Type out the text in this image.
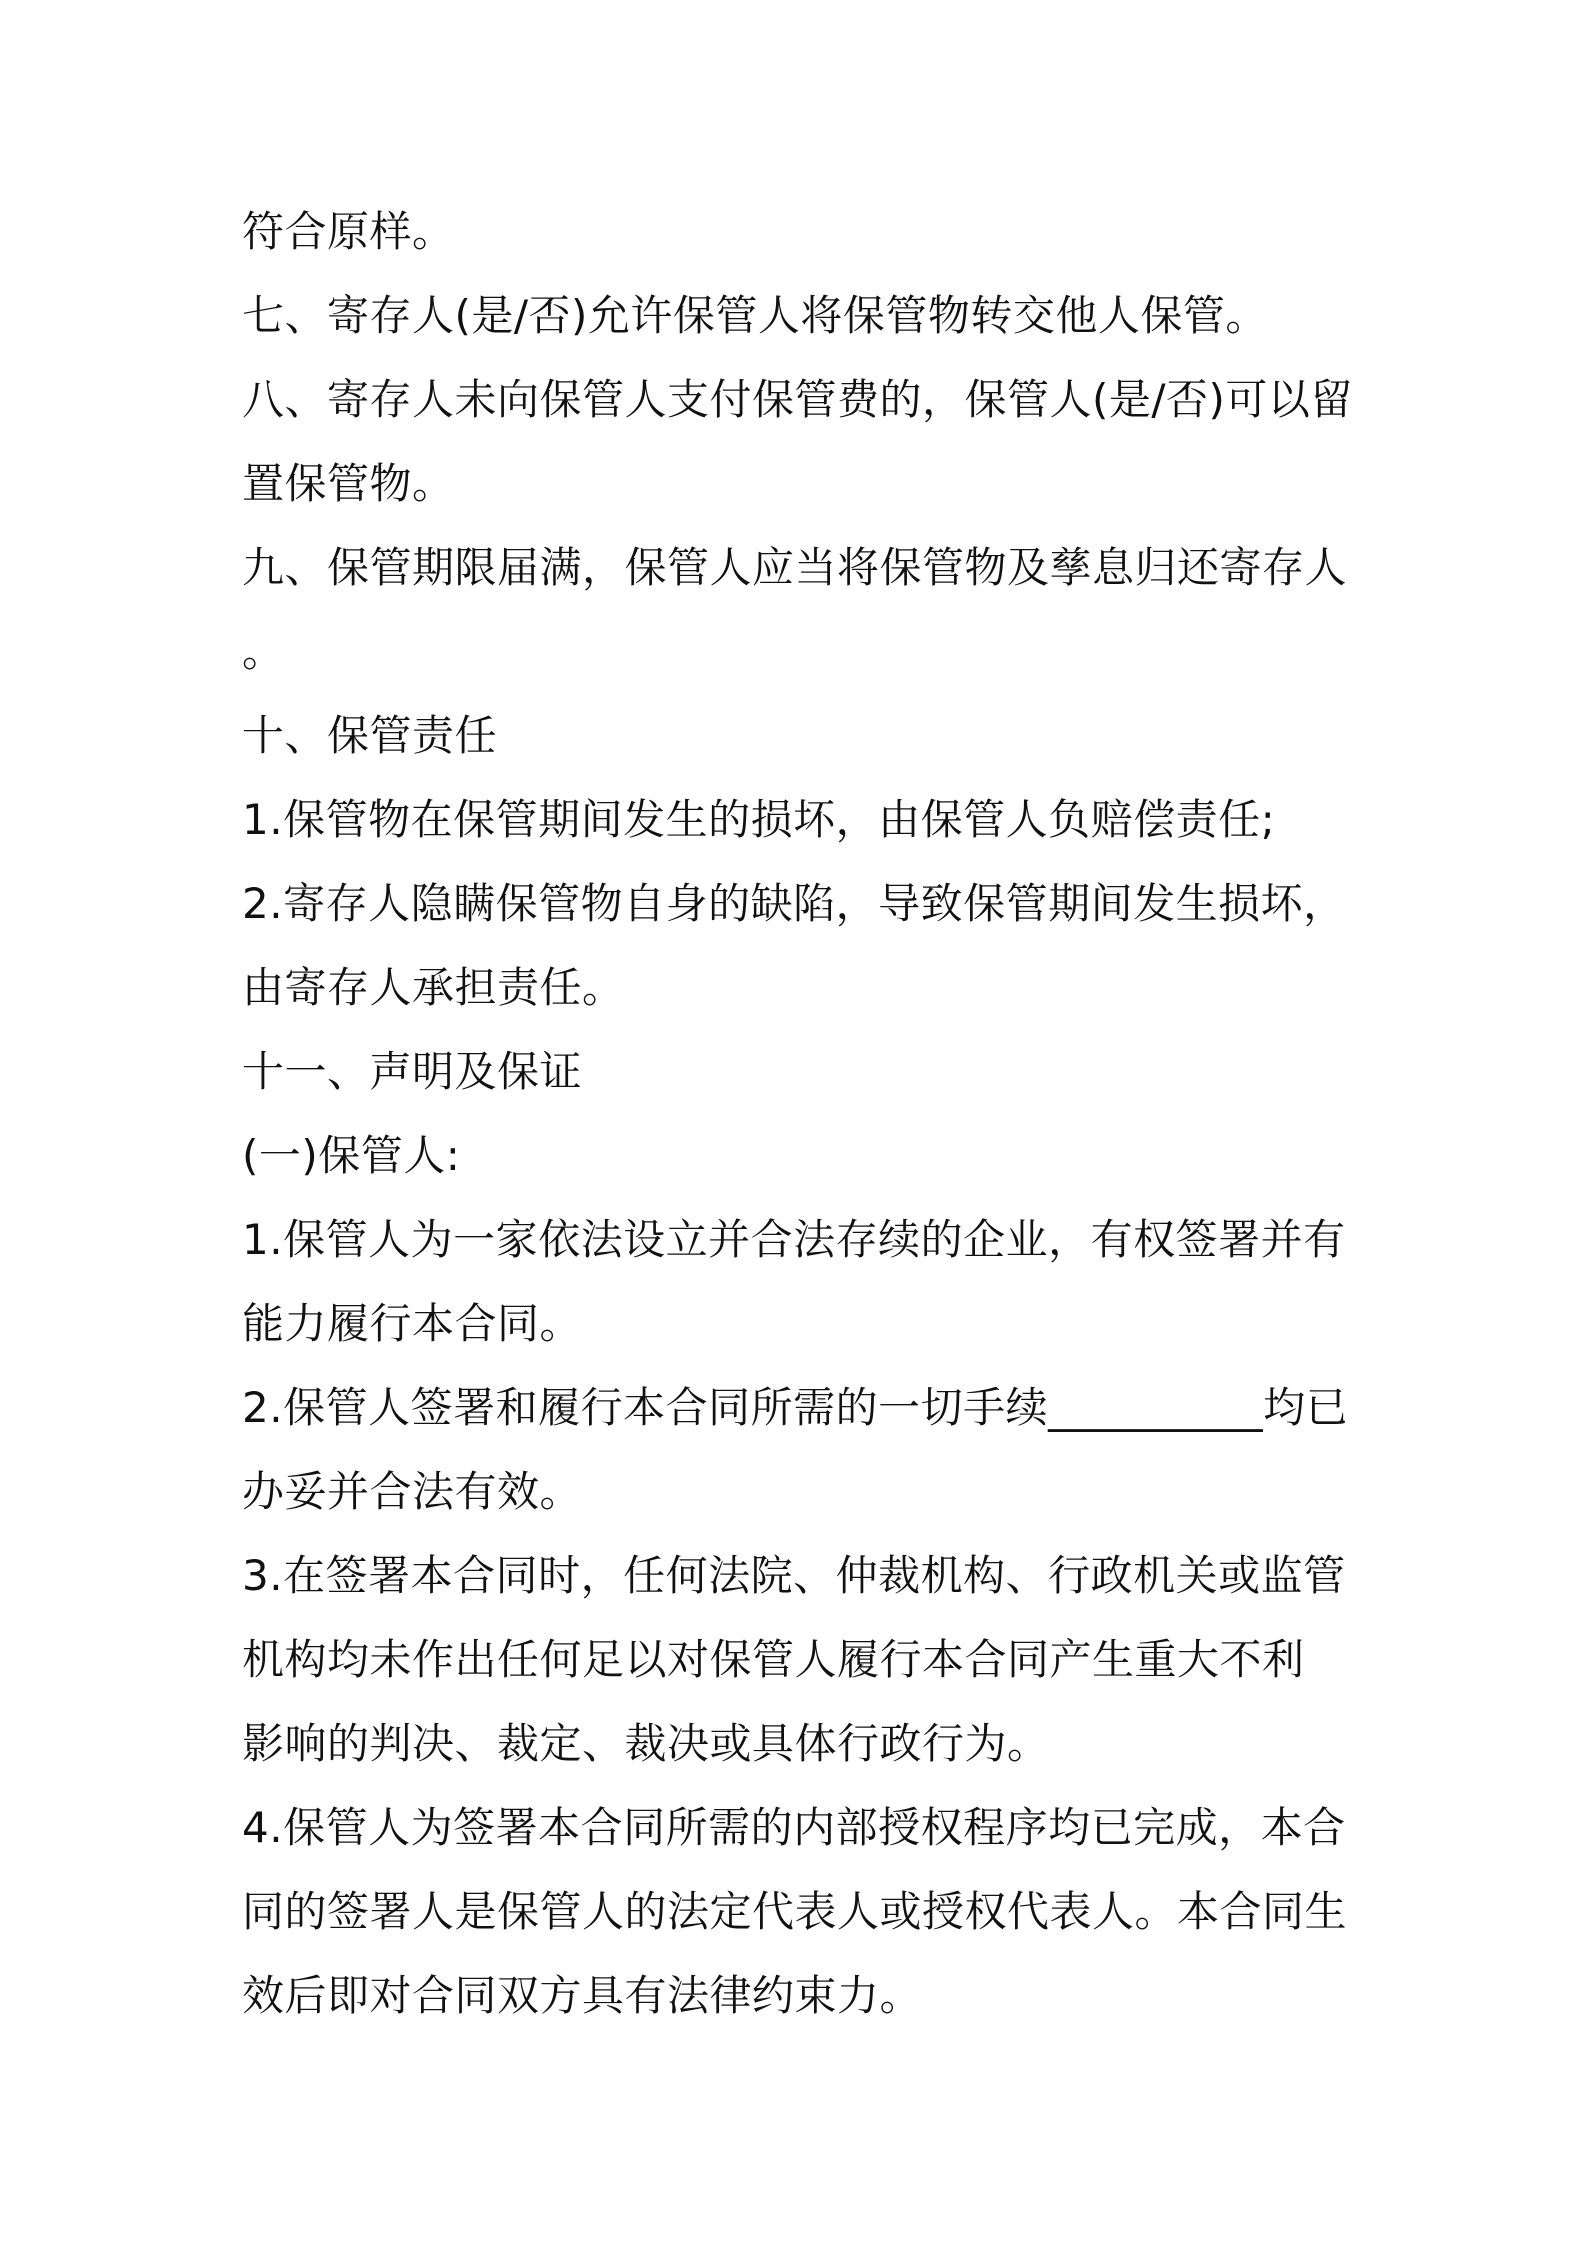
符合原样。
七、寄存人(是/否)允许保管人将保管物转交他人保管。
八、寄存人未向保管人支付保管费的，保管人(是/否)可以留
置保管物。
九、保管期限届满，保管人应当将保管物及孳息归还寄存人
。
十、保管责任
1.保管物在保管期间发生的损坏，由保管人负赔偿责任;
2.寄存人隐瞒保管物自身的缺陷，导致保管期间发生损坏，
由寄存人承担责任。
十一、声明及保证
(一)保管人:
1.保管人为一家依法设立并合法存续的企业，有权签署并有
能力履行本合同。
2.保管人签署和履行本合同所需的一切手续__________均已
办妥并合法有效。
3.在签署本合同时，任何法院、仲裁机构、行政机关或监管
机构均未作出任何足以对保管人履行本合同产生重大不利
影响的判决、裁定、裁决或具体行政行为。
4.保管人为签署本合同所需的内部授权程序均已完成，本合
同的签署人是保管人的法定代表人或授权代表人。本合同生
效后即对合同双方具有法律约束力。
